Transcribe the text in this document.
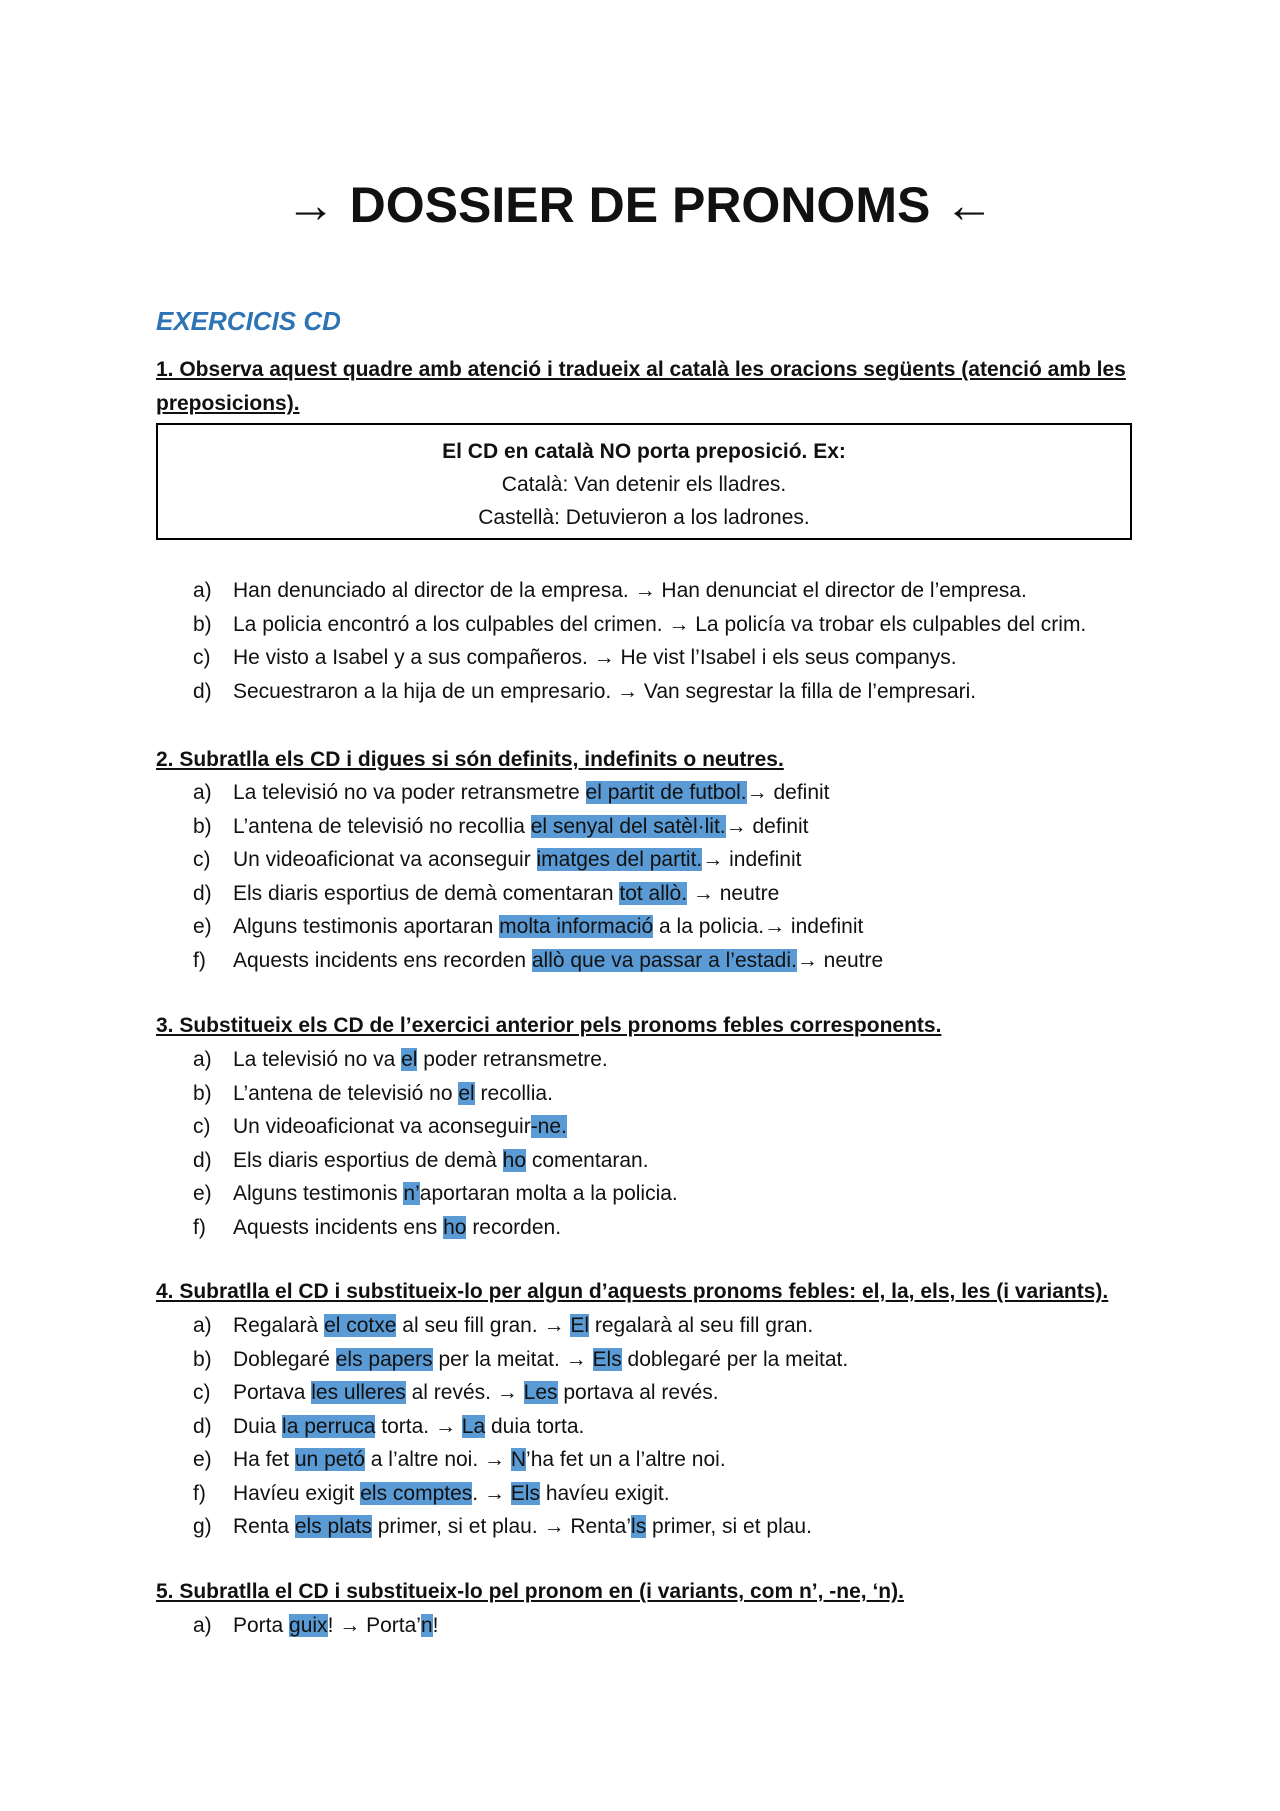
→ DOSSIER DE PRONOMS ←
EXERCICIS CD
1. Observa aquest quadre amb atenció i tradueix al català les oracions següents (atenció amb les
preposicions).
El CD en català NO porta preposició. Ex:
Català: Van detenir els lladres.
Castellà: Detuvieron a los ladrones.
a) Han denunciado al director de la empresa. → Han denunciat el director de l’empresa.
b) La policia encontró a los culpables del crimen. → La policía va trobar els culpables del crim.
c) He visto a Isabel y a sus compañeros. → He vist l’Isabel i els seus companys.
d) Secuestraron a la hija de un empresario. → Van segrestar la filla de l’empresari.
2. Subratlla els CD i digues si són definits, indefinits o neutres.
a) La televisió no va poder retransmetre el partit de futbol.→ definit
b) L’antena de televisió no recollia el senyal del satèl·lit.→ definit
c) Un videoaficionat va aconseguir imatges del partit.→ indefinit
d) Els diaris esportius de demà comentaran tot allò. → neutre
e) Alguns testimonis aportaran molta informació a la policia.→ indefinit
f) Aquests incidents ens recorden allò que va passar a l’estadi.→ neutre
3. Substitueix els CD de l’exercici anterior pels pronoms febles corresponents.
a) La televisió no va el poder retransmetre.
b) L’antena de televisió no el recollia.
c) Un videoaficionat va aconseguir-ne.
d) Els diaris esportius de demà ho comentaran.
e) Alguns testimonis n’aportaran molta a la policia.
f) Aquests incidents ens ho recorden.
4. Subratlla el CD i substitueix-lo per algun d’aquests pronoms febles: el, la, els, les (i variants).
a) Regalarà el cotxe al seu fill gran. → El regalarà al seu fill gran.
b) Doblegaré els papers per la meitat. → Els doblegaré per la meitat.
c) Portava les ulleres al revés. → Les portava al revés.
d) Duia la perruca torta. → La duia torta.
e) Ha fet un petó a l’altre noi. → N’ha fet un a l’altre noi.
f) Havíeu exigit els comptes. → Els havíeu exigit.
g) Renta els plats primer, si et plau. → Renta’ls primer, si et plau.
5. Subratlla el CD i substitueix-lo pel pronom en (i variants, com n’, -ne, ‘n).
a) Porta guix! → Porta’n!
